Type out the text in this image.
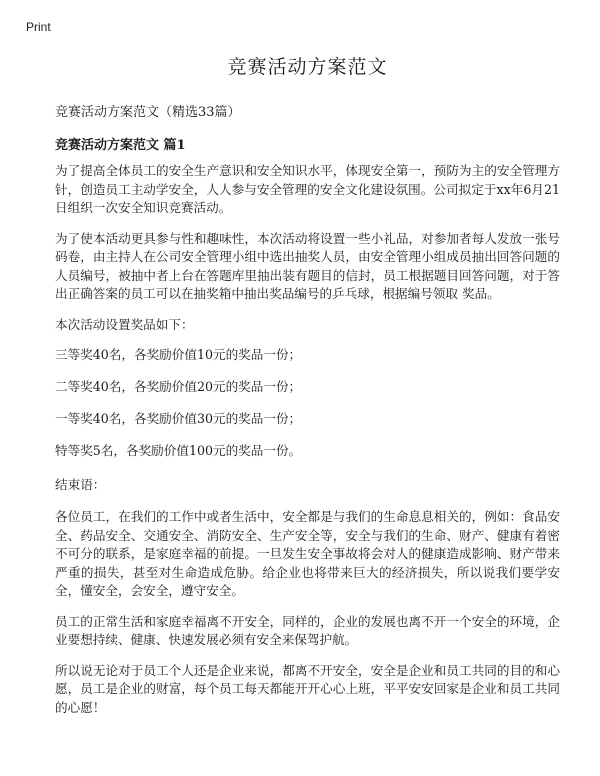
Print
竞赛活动方案范文

竞赛活动方案范文（精选33篇）

竞赛活动方案范文 篇1

为了提高全体员工的安全生产意识和安全知识水平，体现安全第一，预防为主的安全管理方针，创造员工主动学安全，人人参与安全管理的安全文化建设氛围。公司拟定于xx年6月21日组织一次安全知识竞赛活动。

为了使本活动更具参与性和趣味性，本次活动将设置一些小礼品，对参加者每人发放一张号码卷，由主持人在公司安全管理小组中选出抽奖人员，由安全管理小组成员抽出回答问题的人员编号，被抽中者上台在答题库里抽出装有题目的信封，员工根据题目回答问题，对于答出正确答案的员工可以在抽奖箱中抽出奖品编号的乒乓球，根据编号领取 奖品。

本次活动设置奖品如下：

三等奖40名，各奖励价值10元的奖品一份；

二等奖40名，各奖励价值20元的奖品一份；

一等奖40名，各奖励价值30元的奖品一份；

特等奖5名，各奖励价值100元的奖品一份。

结束语：

各位员工，在我们的工作中或者生活中，安全都是与我们的生命息息相关的，例如：食品安全、药品安全、交通安全、消防安全、生产安全等，安全与我们的生命、财产、健康有着密不可分的联系，是家庭幸福的前提。一旦发生安全事故将会对人的健康造成影响、财产带来严重的损失，甚至对生命造成危胁。给企业也将带来巨大的经济损失，所以说我们要学安全，懂安全，会安全，遵守安全。

员工的正常生活和家庭幸福离不开安全，同样的，企业的发展也离不开一个安全的环境，企业要想持续、健康、快速发展必须有安全来保驾护航。

所以说无论对于员工个人还是企业来说，都离不开安全，安全是企业和员工共同的目的和心愿，员工是企业的财富，每个员工每天都能开开心心上班，平平安安回家是企业和员工共同的心愿！
